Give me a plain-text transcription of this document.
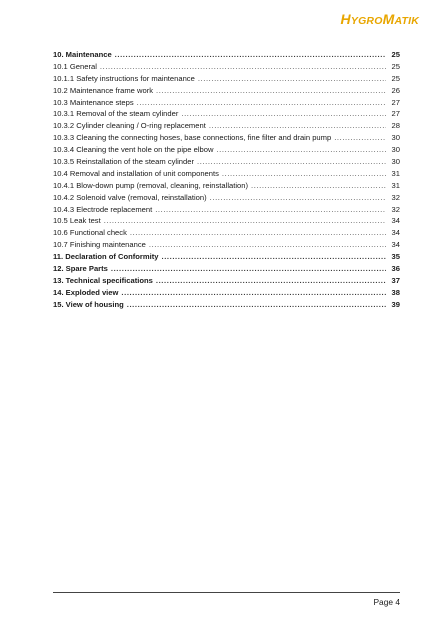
HYGROMATIK
10. Maintenance .....	25
10.1 General .....	25
10.1.1 Safety instructions for maintenance .....	25
10.2 Maintenance frame work .....	26
10.3 Maintenance steps .....	27
10.3.1 Removal of the steam cylinder .....	27
10.3.2 Cylinder cleaning / O-ring replacement .....	28
10.3.3 Cleaning the connecting hoses, base connections, fine filter and drain pump .....	30
10.3.4 Cleaning the vent hole on the pipe elbow .....	30
10.3.5 Reinstallation of the steam cylinder .....	30
10.4 Removal and installation of unit components .....	31
10.4.1 Blow-down pump (removal, cleaning, reinstallation) .....	31
10.4.2 Solenoid valve (removal, reinstallation) .....	32
10.4.3 Electrode replacement .....	32
10.5 Leak test .....	34
10.6 Functional check .....	34
10.7 Finishing maintenance .....	34
11. Declaration of Conformity .....	35
12. Spare Parts .....	36
13. Technical specifications .....	37
14. Exploded view .....	38
15. View of housing .....	39
Page 4
